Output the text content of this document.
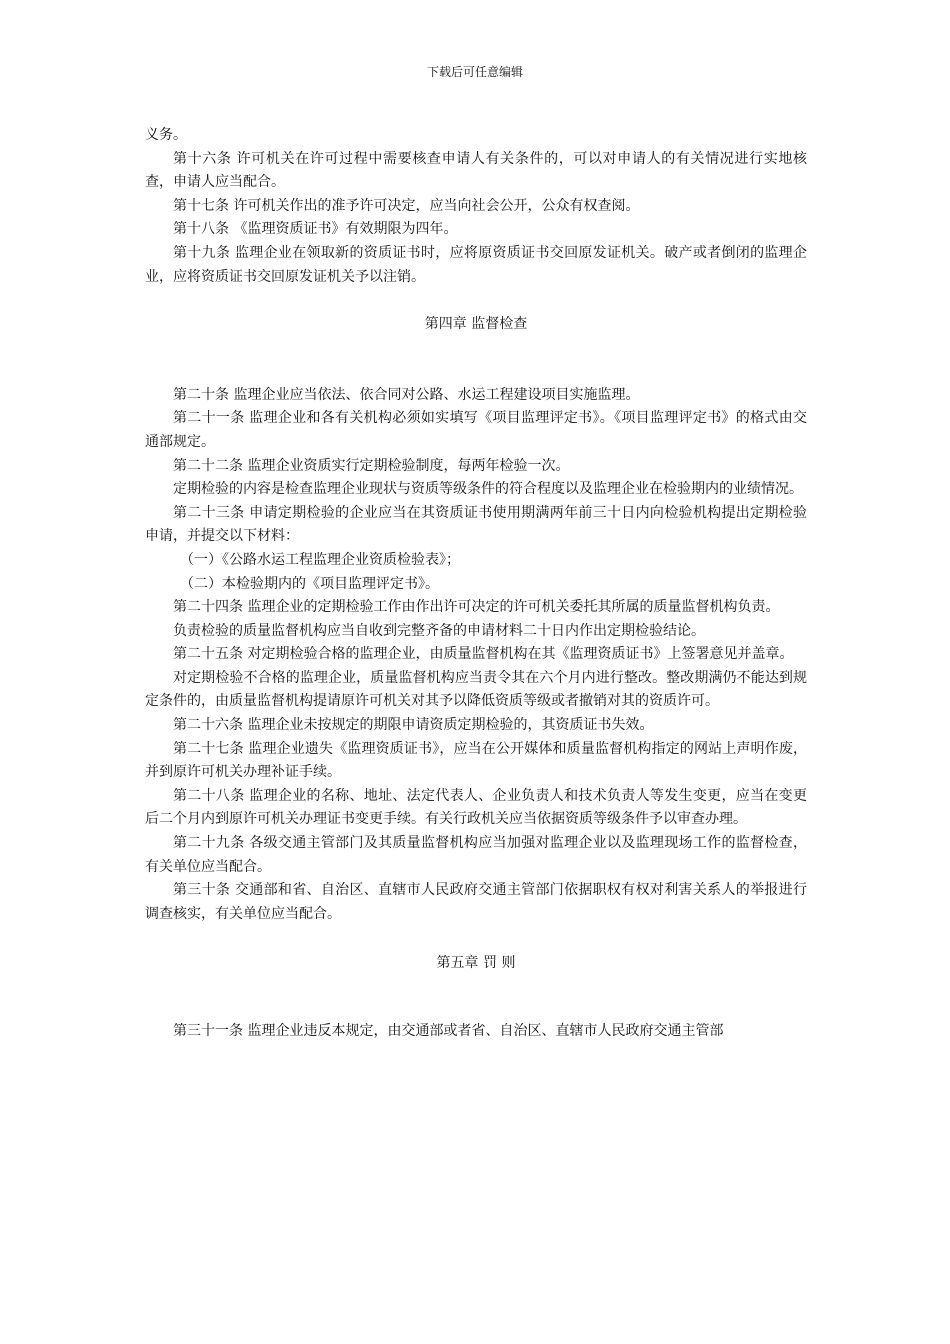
下载后可任意编辑

义务。

第十六条 许可机关在许可过程中需要核查申请人有关条件的，可以对申请人的有关情况进行实地核查，申请人应当配合。

第十七条 许可机关作出的准予许可决定，应当向社会公开，公众有权查阅。

第十八条 《监理资质证书》有效期限为四年。

第十九条 监理企业在领取新的资质证书时，应将原资质证书交回原发证机关。破产或者倒闭的监理企业，应将资质证书交回原发证机关予以注销。

第四章 监督检查

第二十条 监理企业应当依法、依合同对公路、水运工程建设项目实施监理。

第二十一条 监理企业和各有关机构必须如实填写《项目监理评定书》。《项目监理评定书》的格式由交通部规定。

第二十二条 监理企业资质实行定期检验制度，每两年检验一次。

定期检验的内容是检查监理企业现状与资质等级条件的符合程度以及监理企业在检验期内的业绩情况。

第二十三条 申请定期检验的企业应当在其资质证书使用期满两年前三十日内向检验机构提出定期检验申请，并提交以下材料：

（一）《公路水运工程监理企业资质检验表》；

（二）本检验期内的《项目监理评定书》。

第二十四条 监理企业的定期检验工作由作出许可决定的许可机关委托其所属的质量监督机构负责。

负责检验的质量监督机构应当自收到完整齐备的申请材料二十日内作出定期检验结论。

第二十五条 对定期检验合格的监理企业，由质量监督机构在其《监理资质证书》上签署意见并盖章。

对定期检验不合格的监理企业，质量监督机构应当责令其在六个月内进行整改。整改期满仍不能达到规定条件的，由质量监督机构提请原许可机关对其予以降低资质等级或者撤销对其的资质许可。

第二十六条 监理企业未按规定的期限申请资质定期检验的，其资质证书失效。

第二十七条 监理企业遗失《监理资质证书》，应当在公开媒体和质量监督机构指定的网站上声明作废，并到原许可机关办理补证手续。

第二十八条 监理企业的名称、地址、法定代表人、企业负责人和技术负责人等发生变更，应当在变更后二个月内到原许可机关办理证书变更手续。有关行政机关应当依据资质等级条件予以审查办理。

第二十九条 各级交通主管部门及其质量监督机构应当加强对监理企业以及监理现场工作的监督检查，有关单位应当配合。

第三十条 交通部和省、自治区、直辖市人民政府交通主管部门依据职权有权对利害关系人的举报进行调查核实，有关单位应当配合。

第五章 罚 则

第三十一条 监理企业违反本规定，由交通部或者省、自治区、直辖市人民政府交通主管部
